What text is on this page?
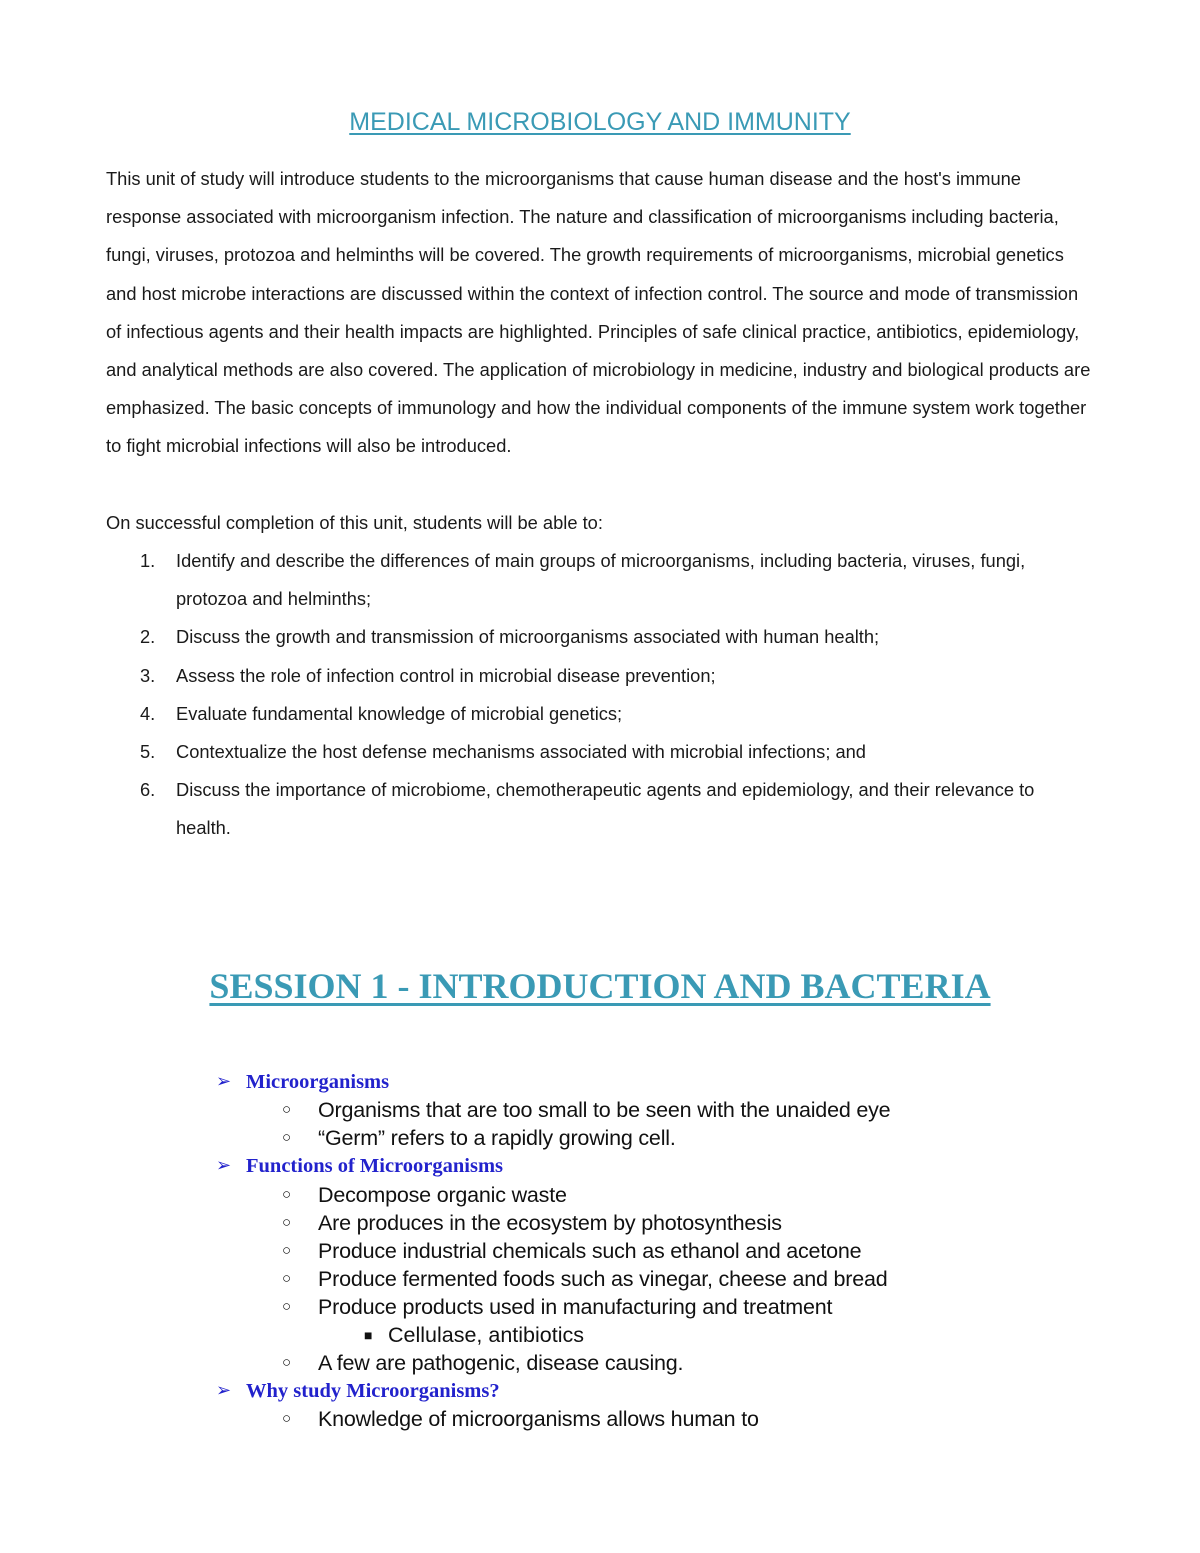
MEDICAL MICROBIOLOGY AND IMMUNITY

This unit of study will introduce students to the microorganisms that cause human disease and the host's immune response associated with microorganism infection. The nature and classification of microorganisms including bacteria, fungi, viruses, protozoa and helminths will be covered. The growth requirements of microorganisms, microbial genetics and host microbe interactions are discussed within the context of infection control. The source and mode of transmission of infectious agents and their health impacts are highlighted. Principles of safe clinical practice, antibiotics, epidemiology, and analytical methods are also covered. The application of microbiology in medicine, industry and biological products are emphasized. The basic concepts of immunology and how the individual components of the immune system work together to fight microbial infections will also be introduced.

On successful completion of this unit, students will be able to:

1. Identify and describe the differences of main groups of microorganisms, including bacteria, viruses, fungi, protozoa and helminths;
2. Discuss the growth and transmission of microorganisms associated with human health;
3. Assess the role of infection control in microbial disease prevention;
4. Evaluate fundamental knowledge of microbial genetics;
5. Contextualize the host defense mechanisms associated with microbial infections; and
6. Discuss the importance of microbiome, chemotherapeutic agents and epidemiology, and their relevance to health.
SESSION 1 - INTRODUCTION AND BACTERIA
➢ Microorganisms
○ Organisms that are too small to be seen with the unaided eye
○ “Germ” refers to a rapidly growing cell.
➢ Functions of Microorganisms
○ Decompose organic waste
○ Are produces in the ecosystem by photosynthesis
○ Produce industrial chemicals such as ethanol and acetone
○ Produce fermented foods such as vinegar, cheese and bread
○ Produce products used in manufacturing and treatment
■ Cellulase, antibiotics
○ A few are pathogenic, disease causing.
➢ Why study Microorganisms?
○ Knowledge of microorganisms allows human to
